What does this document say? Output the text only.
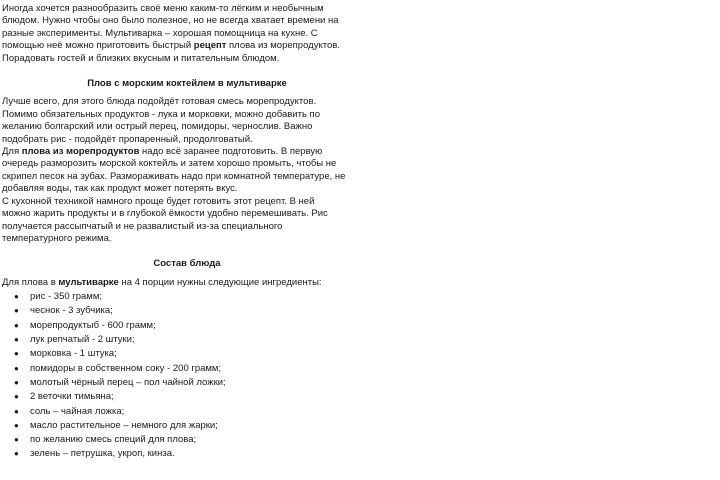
Иногда хочется разнообразить своё меню каким-то лёгким и необычным
блюдом. Нужно чтобы оно было полезное, но не всегда хватает времени на
разные эксперименты. Мультиварка – хорошая помощница на кухне. С
помощью неё можно приготовить быстрый рецепт плова из морепродуктов.
Порадовать гостей и близких вкусным и питательным блюдом.

Плов с морским коктейлем в мультиварке

Лучше всего, для этого блюда подойдёт готовая смесь морепродуктов.
Помимо обязательных продуктов - лука и морковки, можно добавить по
желанию болгарский или острый перец, помидоры, чернослив. Важно
подобрать рис - подойдёт пропаренный, продолговатый.
Для плова из морепродуктов надо всё заранее подготовить. В первую
очередь разморозить морской коктейль и затем хорошо промыть, чтобы не
скрипел песок на зубах. Размораживать надо при комнатной температуре, не
добавляя воды, так как продукт может потерять вкус.
С кухонной техникой намного проще будет готовить этот рецепт. В ней
можно жарить продукты и в глубокой ёмкости удобно перемешивать. Рис
получается рассыпчатый и не развалистый из-за специального
температурного режима.

Состав блюда

Для плова в мультиварке на 4 порции нужны следующие ингредиенты:

● рис - 350 грамм;
● чеснок - 3 зубчика;
● морепродуктыб - 600 грамм;
● лук репчатый - 2 штуки;
● морковка - 1 штука;
● помидоры в собственном соку - 200 грамм;
● молотый чёрный перец – пол чайной ложки;
● 2 веточки тимьяна;
● соль – чайная ложка;
● масло растительное – немного для жарки;
● по желанию смесь специй для плова;
● зелень – петрушка, укроп, кинза.
